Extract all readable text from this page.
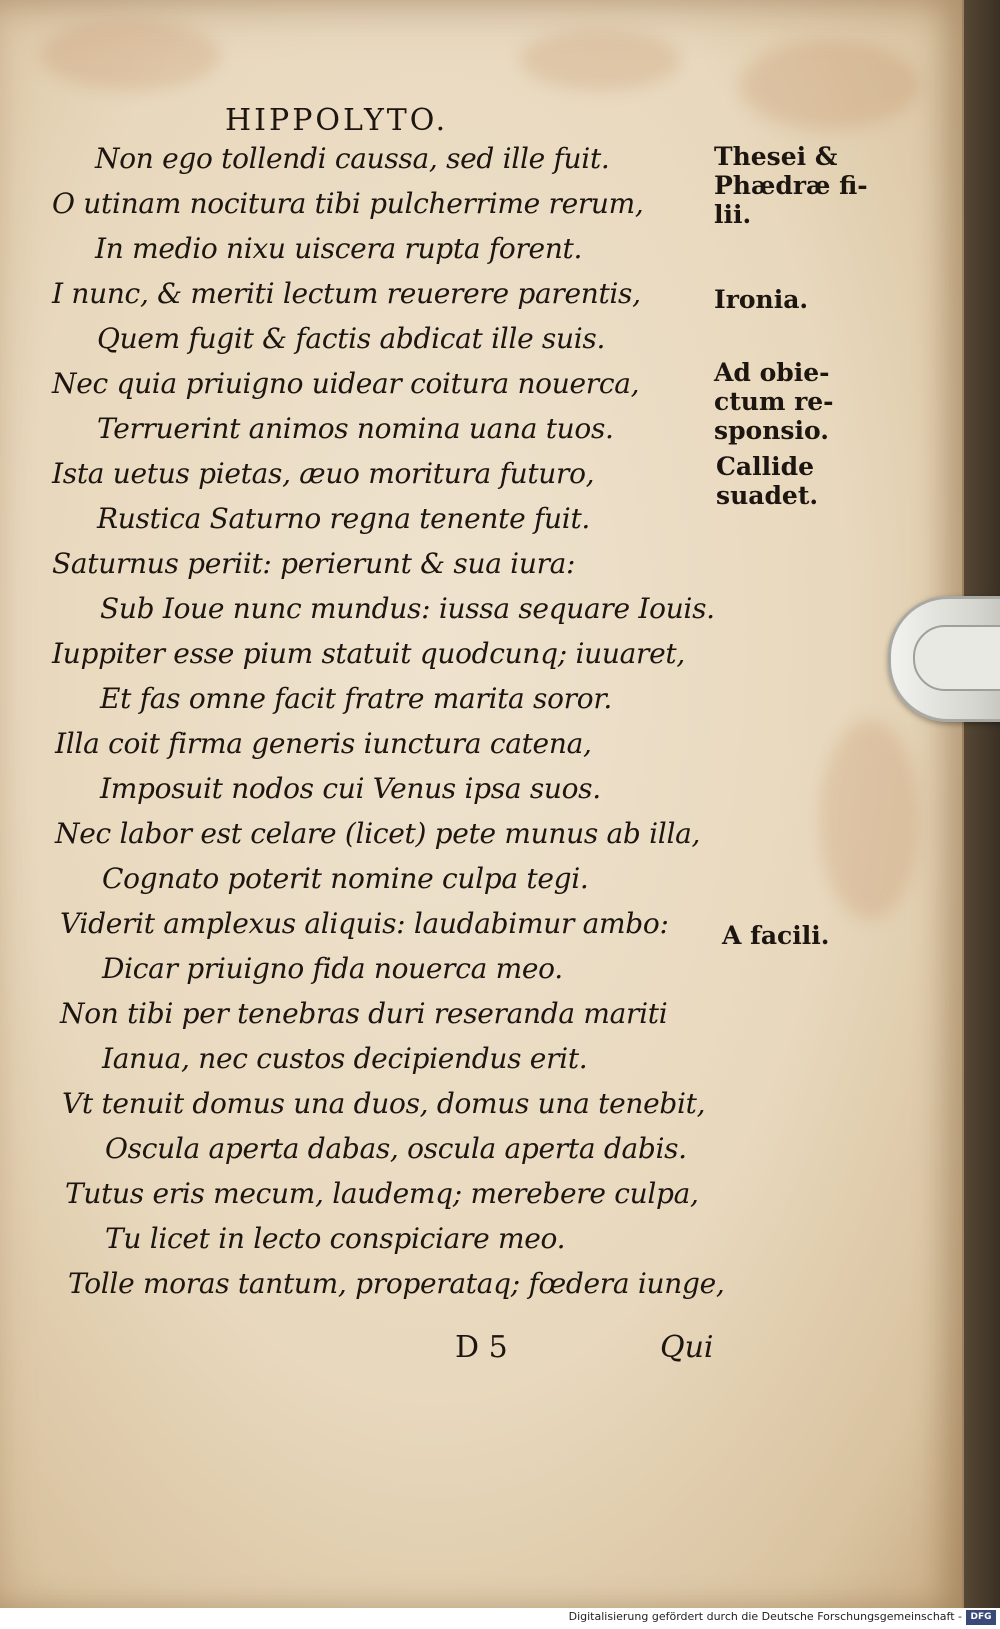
HIPPOLYTO.
Non ego tollendi caussa, sed ille fuit.
O utinam nocitura tibi pulcherrime rerum,
In medio nixu uiscera rupta forent.
I nunc, & meriti lectum reuerere parentis,
Quem fugit & factis abdicat ille suis.
Nec quia priuigno uidear coitura nouerca,
Terruerint animos nomina uana tuos.
Ista uetus pietas, æuo moritura futuro,
Rustica Saturno regna tenente fuit.
Saturnus periit: perierunt & sua iura:
Sub Ioue nunc mundus: iussa sequare Iouis.
Iuppiter esse pium statuit quodcunq; iuuaret,
Et fas omne facit fratre marita soror.
Illa coit firma generis iunctura catena,
Imposuit nodos cui Venus ipsa suos.
Nec labor est celare (licet) pete munus ab illa,
Cognato poterit nomine culpa tegi.
Viderit amplexus aliquis: laudabimur ambo:
Dicar priuigno fida nouerca meo.
Non tibi per tenebras duri reseranda mariti
Ianua, nec custos decipiendus erit.
Vt tenuit domus una duos, domus una tenebit,
Oscula aperta dabas, oscula aperta dabis.
Tutus eris mecum, laudemq; merebere culpa,
Tu licet in lecto conspiciare meo.
Tolle moras tantum, properataq; fœdera iunge,
Thesei &
Phædræ fi-
lii.
Ironia.
Ad obie-
ctum re-
sponsio.
Callide
suadet.
A facili.
D 5	Qui
Digitalisierung gefördert durch die Deutsche Forschungsgemeinschaft - DFG
